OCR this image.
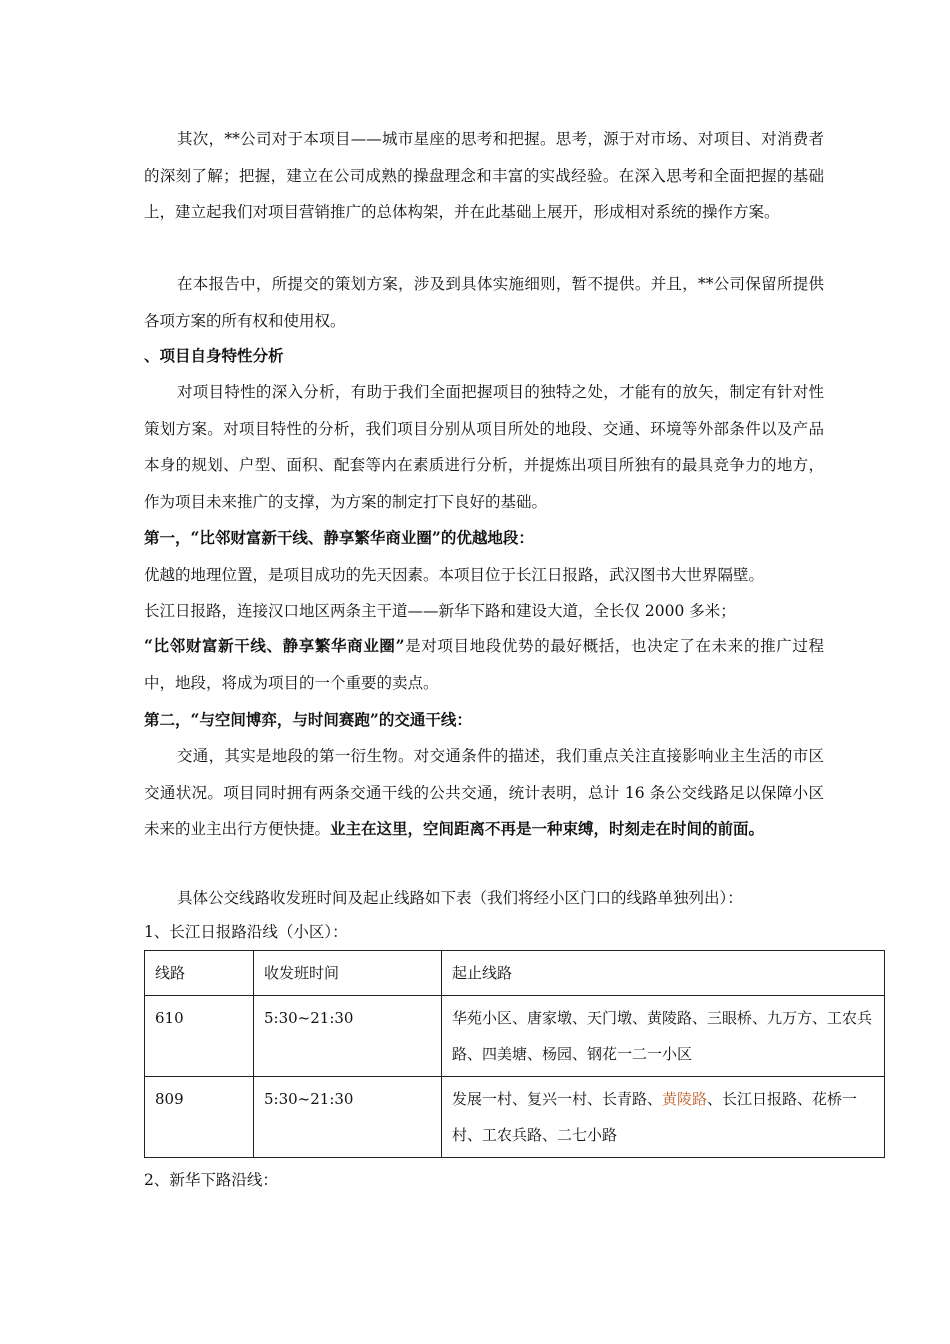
其次，**公司对于本项目——城市星座的思考和把握。思考，源于对市场、对项目、对消费者的深刻了解；把握，建立在公司成熟的操盘理念和丰富的实战经验。在深入思考和全面把握的基础上，建立起我们对项目营销推广的总体构架，并在此基础上展开，形成相对系统的操作方案。

在本报告中，所提交的策划方案，涉及到具体实施细则，暂不提供。并且，**公司保留所提供各项方案的所有权和使用权。

、项目自身特性分析

对项目特性的深入分析，有助于我们全面把握项目的独特之处，才能有的放矢，制定有针对性策划方案。对项目特性的分析，我们项目分别从项目所处的地段、交通、环境等外部条件以及产品本身的规划、户型、面积、配套等内在素质进行分析，并提炼出项目所独有的最具竞争力的地方，作为项目未来推广的支撑，为方案的制定打下良好的基础。

第一，“比邻财富新干线、静享繁华商业圈”的优越地段：

优越的地理位置，是项目成功的先天因素。本项目位于长江日报路，武汉图书大世界隔壁。

长江日报路，连接汉口地区两条主干道——新华下路和建设大道，全长仅 2000 多米；

“比邻财富新干线、静享繁华商业圈”是对项目地段优势的最好概括，也决定了在未来的推广过程中，地段，将成为项目的一个重要的卖点。

第二，“与空间博弈，与时间赛跑”的交通干线：

交通，其实是地段的第一衍生物。对交通条件的描述，我们重点关注直接影响业主生活的市区交通状况。项目同时拥有两条交通干线的公共交通，统计表明，总计 16 条公交线路足以保障小区未来的业主出行方便快捷。业主在这里，空间距离不再是一种束缚，时刻走在时间的前面。

具体公交线路收发班时间及起止线路如下表（我们将经小区门口的线路单独列出）：

1、长江日报路沿线（小区）：

线路	收发班时间	起止线路
610	5:30~21:30	华苑小区、唐家墩、天门墩、黄陵路、三眼桥、九万方、工农兵路、四美塘、杨园、钢花一二一小区
809	5:30~21:30	发展一村、复兴一村、长青路、黄陵路、长江日报路、花桥一村、工农兵路、二七小路

2、新华下路沿线：
